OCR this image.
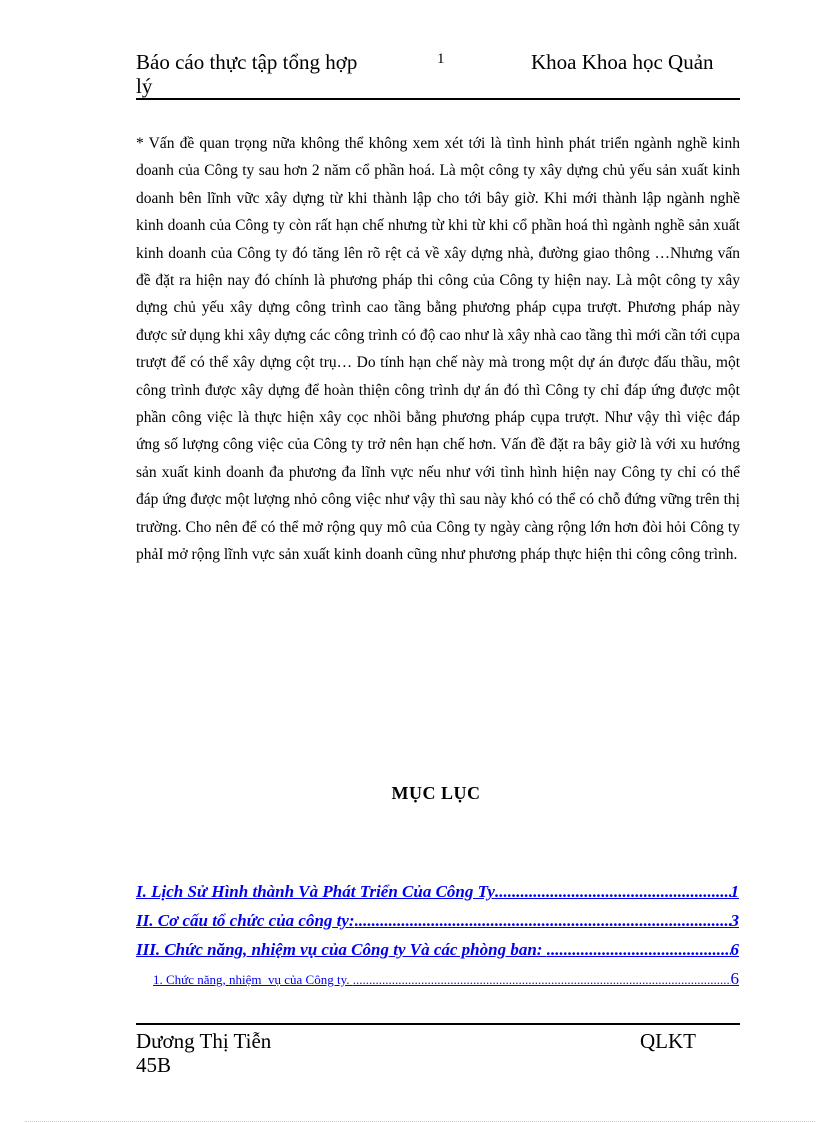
Báo cáo thực tập tổng hợp
lý
1	Khoa Khoa học Quản

* Vấn đề quan trọng nữa không thể không xem xét tới là tình hình phát triển ngành nghề kinh doanh của Công ty sau hơn 2 năm cổ phần hoá. Là một công ty xây dựng chủ yếu sản xuất kinh doanh bên lĩnh vữc xây dựng từ khi thành lập cho tới bây giờ. Khi mới thành lập ngành nghề kinh doanh của Công ty còn rất hạn chế nhưng từ khi từ khi cổ phần hoá thì ngành nghề sản xuất kinh doanh của Công ty đó tăng lên rõ rệt cả về xây dựng nhà, đường giao thông …Nhưng vấn đề đặt ra hiện nay đó chính là phương pháp thi công của Công ty hiện nay. Là một công ty xây dựng chủ yếu xây dựng công trình cao tầng bằng phương pháp cụpa trượt. Phương pháp này được sử dụng khi xây dựng các công trình có độ cao như là xây nhà cao tầng thì mới cần tới cụpa trượt để có thể xây dựng cột trụ… Do tính hạn chế này mà trong một dự án được đấu thầu, một công trình được xây dựng để hoàn thiện công trình dự án đó thì Công ty chỉ đáp ứng được một phần công việc là thực hiện xây cọc nhồi bằng phương pháp cụpa trượt. Như vậy thì việc đáp ứng số lượng công việc của Công ty trở nên hạn chế hơn. Vấn đề đặt ra bây giờ là với xu hướng sản xuất kinh doanh đa phương đa lĩnh vực nếu như với tình hình hiện nay Công ty chỉ có thể đáp ứng được một lượng nhỏ công việc như vậy thì sau này khó có thể có chỗ đứng vững trên thị trường. Cho nên để có thể mở rộng quy mô của Công ty ngày càng rộng lớn hơn đòi hỏi Công ty phảI mở rộng lĩnh vực sản xuất kinh doanh cũng như phương pháp thực hiện thi công công trình.

MỤC LỤC
I. Lịch Sử Hình thành Và Phát Triển Của Công Ty .....	1
II. Cơ cấu tổ chức của công ty: .....	3
III. Chức năng, nhiệm vụ của Công ty Và các phòng ban: .....	6
1. Chức năng, nhiệm  vụ của Công ty. .....	6
Dương Thị Tiễn
45B
QLKT
